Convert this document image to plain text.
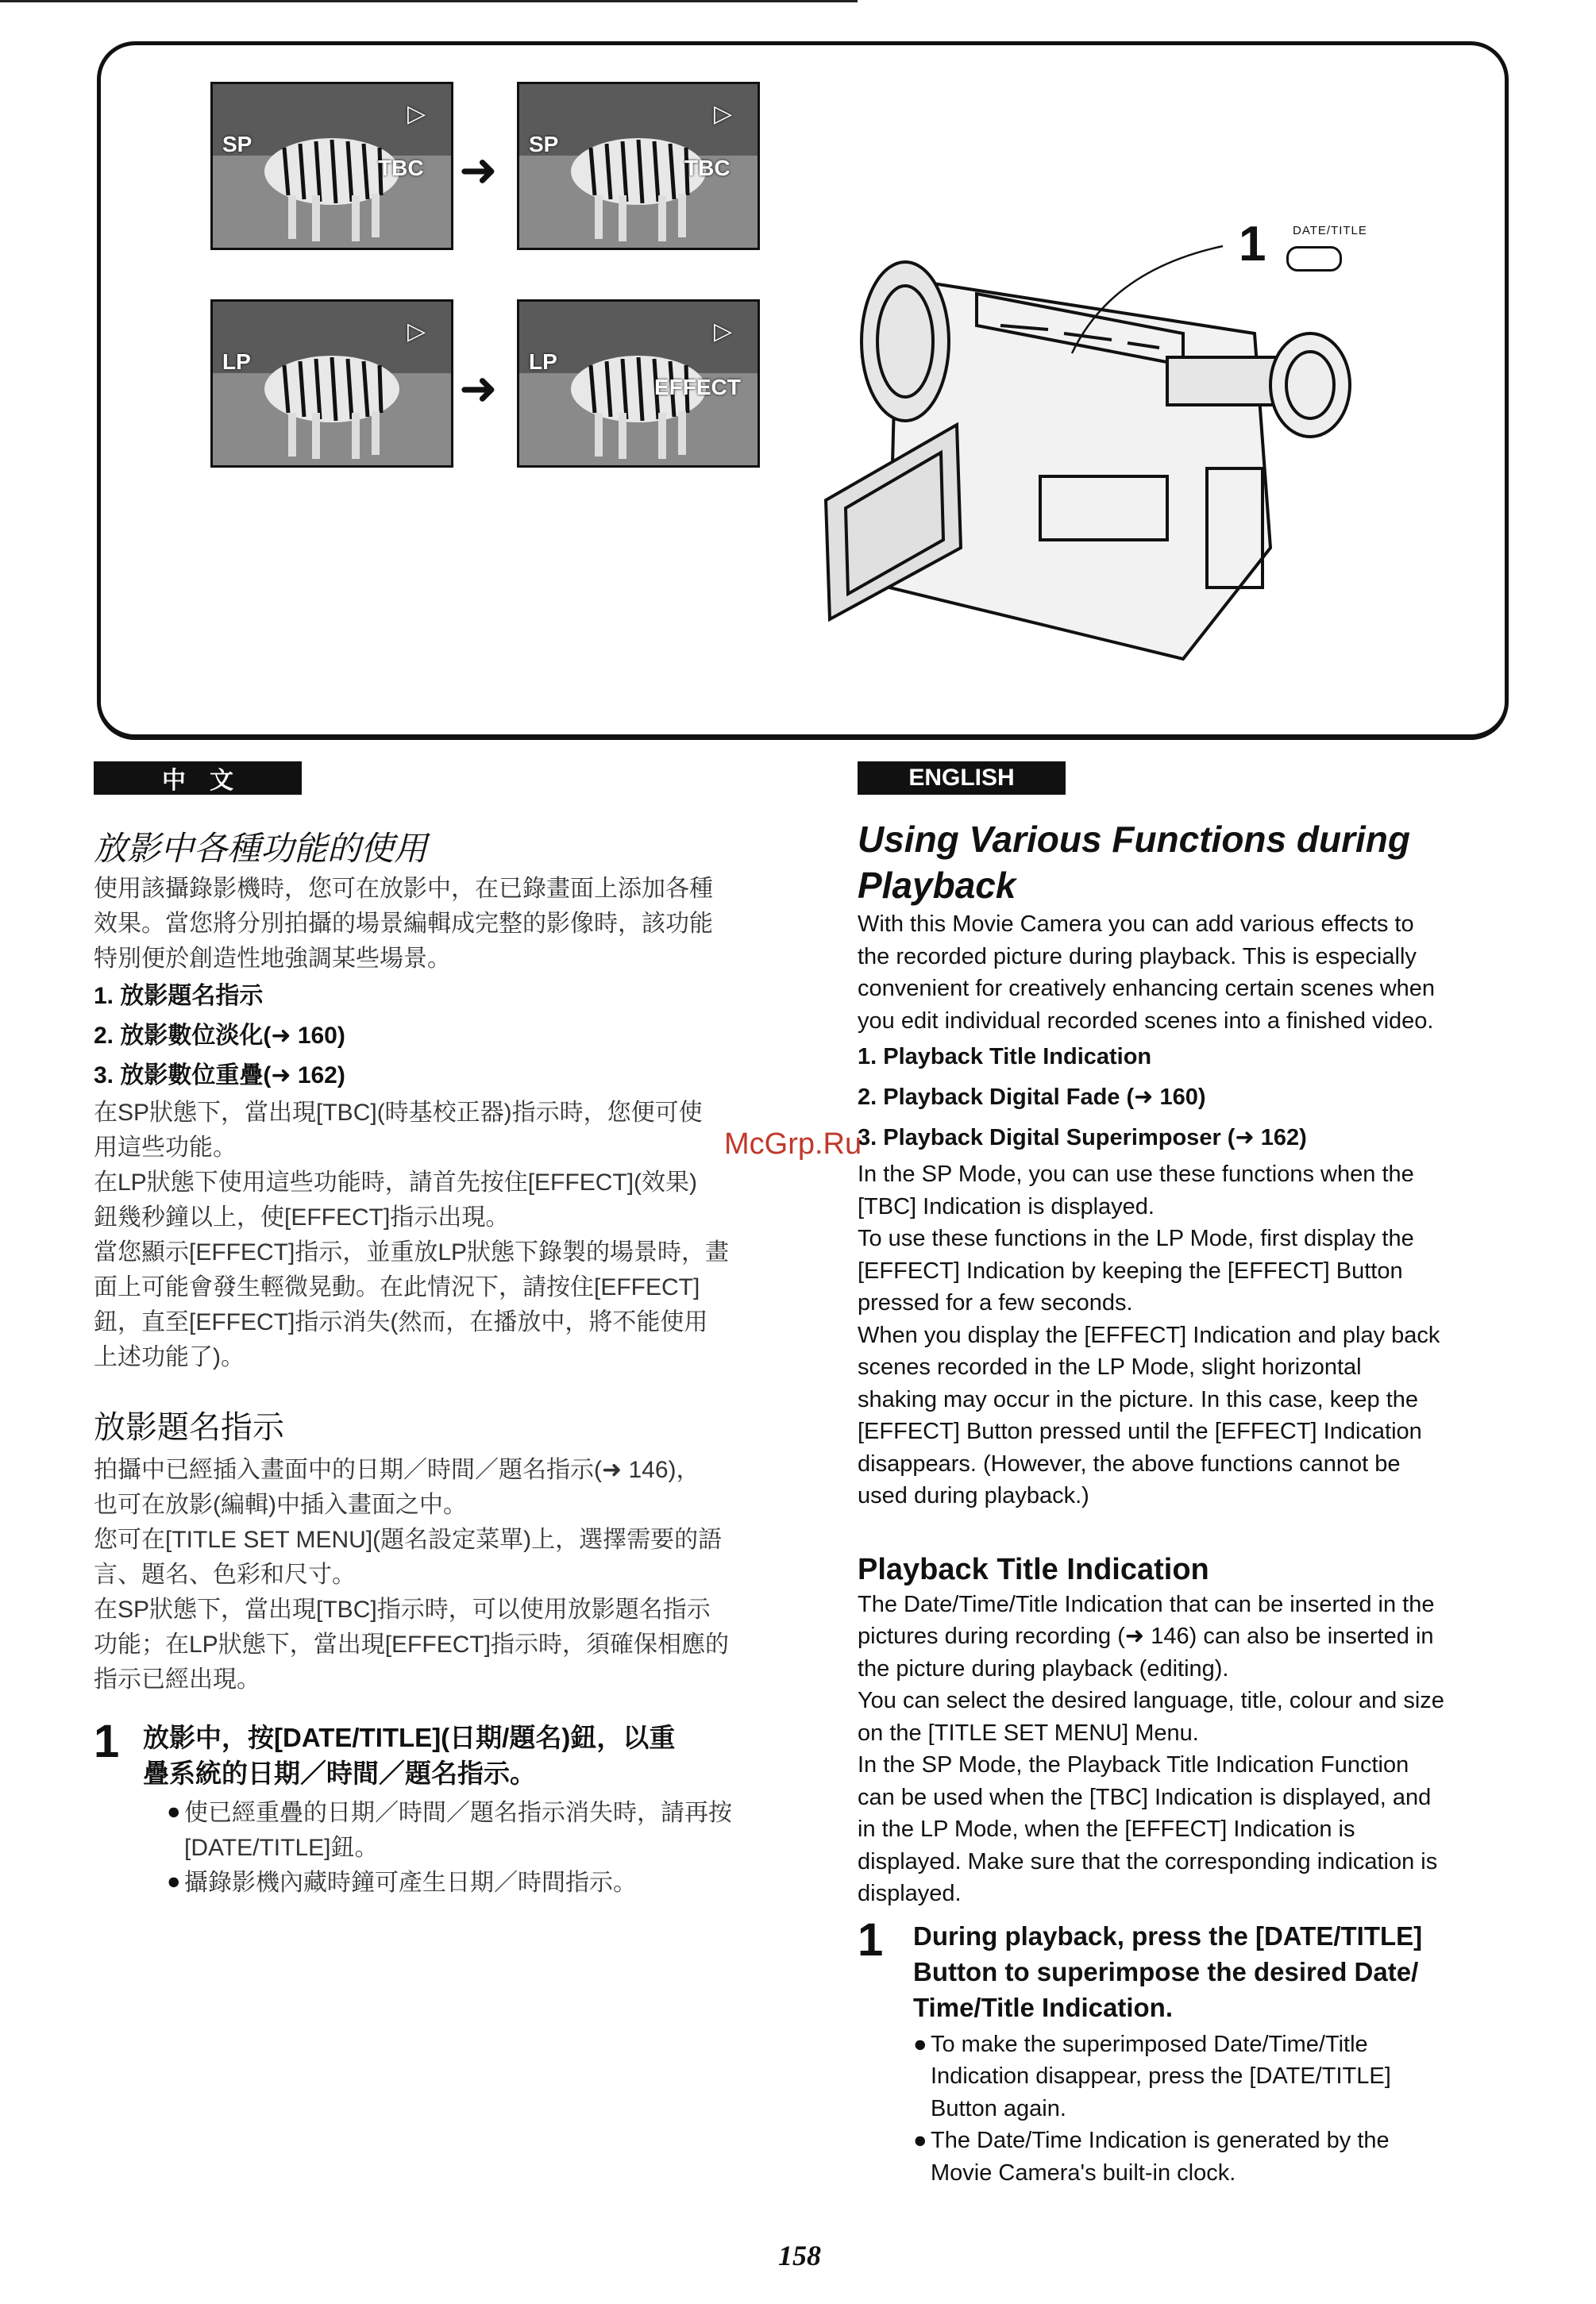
SP
TBC
▷
➜
SP
TBC
▷
LP
▷
➜
LP
EFFECT
▷
1 DATE/TITLE
中　文

放影中各種功能的使用

使用該攝錄影機時，您可在放影中，在已錄畫面上添加各種

效果。當您將分別拍攝的場景編輯成完整的影像時，該功能

特別便於創造性地強調某些場景。

1. 放影題名指示

2. 放影數位淡化(➜ 160)

3. 放影數位重疊(➜ 162)

在SP狀態下，當出現[TBC](時基校正器)指示時，您便可使

用這些功能。

在LP狀態下使用這些功能時，請首先按住[EFFECT](效果)

鈕幾秒鐘以上，使[EFFECT]指示出現。

當您顯示[EFFECT]指示，並重放LP狀態下錄製的場景時，畫

面上可能會發生輕微晃動。在此情況下，請按住[EFFECT]

鈕，直至[EFFECT]指示消失(然而，在播放中，將不能使用

上述功能了)。

放影題名指示

拍攝中已經插入畫面中的日期／時間／題名指示(➜ 146)，

也可在放影(編輯)中插入畫面之中。

您可在[TITLE SET MENU](題名設定菜單)上，選擇需要的語

言、題名、色彩和尺寸。

在SP狀態下，當出現[TBC]指示時，可以使用放影題名指示

功能；在LP狀態下，當出現[EFFECT]指示時，須確保相應的

指示已經出現。

1 放影中，按[DATE/TITLE](日期/題名)鈕，以重
疊系統的日期／時間／題名指示。
● 使已經重疊的日期／時間／題名指示消失時，請再按

[DATE/TITLE]鈕。

● 攝錄影機內藏時鐘可產生日期／時間指示。

ENGLISH

Using Various Functions during

Playback

With this Movie Camera you can add various effects to

the recorded picture during playback. This is especially

convenient for creatively enhancing certain scenes when

you edit individual recorded scenes into a finished video.

1. Playback Title Indication

2. Playback Digital Fade (➜ 160)

3. Playback Digital Superimposer (➜ 162)

In the SP Mode, you can use these functions when the

[TBC] Indication is displayed.

To use these functions in the LP Mode, first display the

[EFFECT] Indication by keeping the [EFFECT] Button

pressed for a few seconds.

When you display the [EFFECT] Indication and play back

scenes recorded in the LP Mode, slight horizontal

shaking may occur in the picture. In this case, keep the

[EFFECT] Button pressed until the [EFFECT] Indication

disappears. (However, the above functions cannot be

used during playback.)

Playback Title Indication

The Date/Time/Title Indication that can be inserted in the

pictures during recording (➜ 146) can also be inserted in

the picture during playback (editing).

You can select the desired language, title, colour and size

on the [TITLE SET MENU] Menu.

In the SP Mode, the Playback Title Indication Function

can be used when the [TBC] Indication is displayed, and

in the LP Mode, when the [EFFECT] Indication is

displayed. Make sure that the corresponding indication is

displayed.

1	During playback, press the [DATE/TITLE]
Button to superimpose the desired Date/
Time/Title Indication.
● To make the superimposed Date/Time/Title

Indication disappear, press the [DATE/TITLE]

Button again.

● The Date/Time Indication is generated by the

Movie Camera's built-in clock.

McGrp.Ru
158
